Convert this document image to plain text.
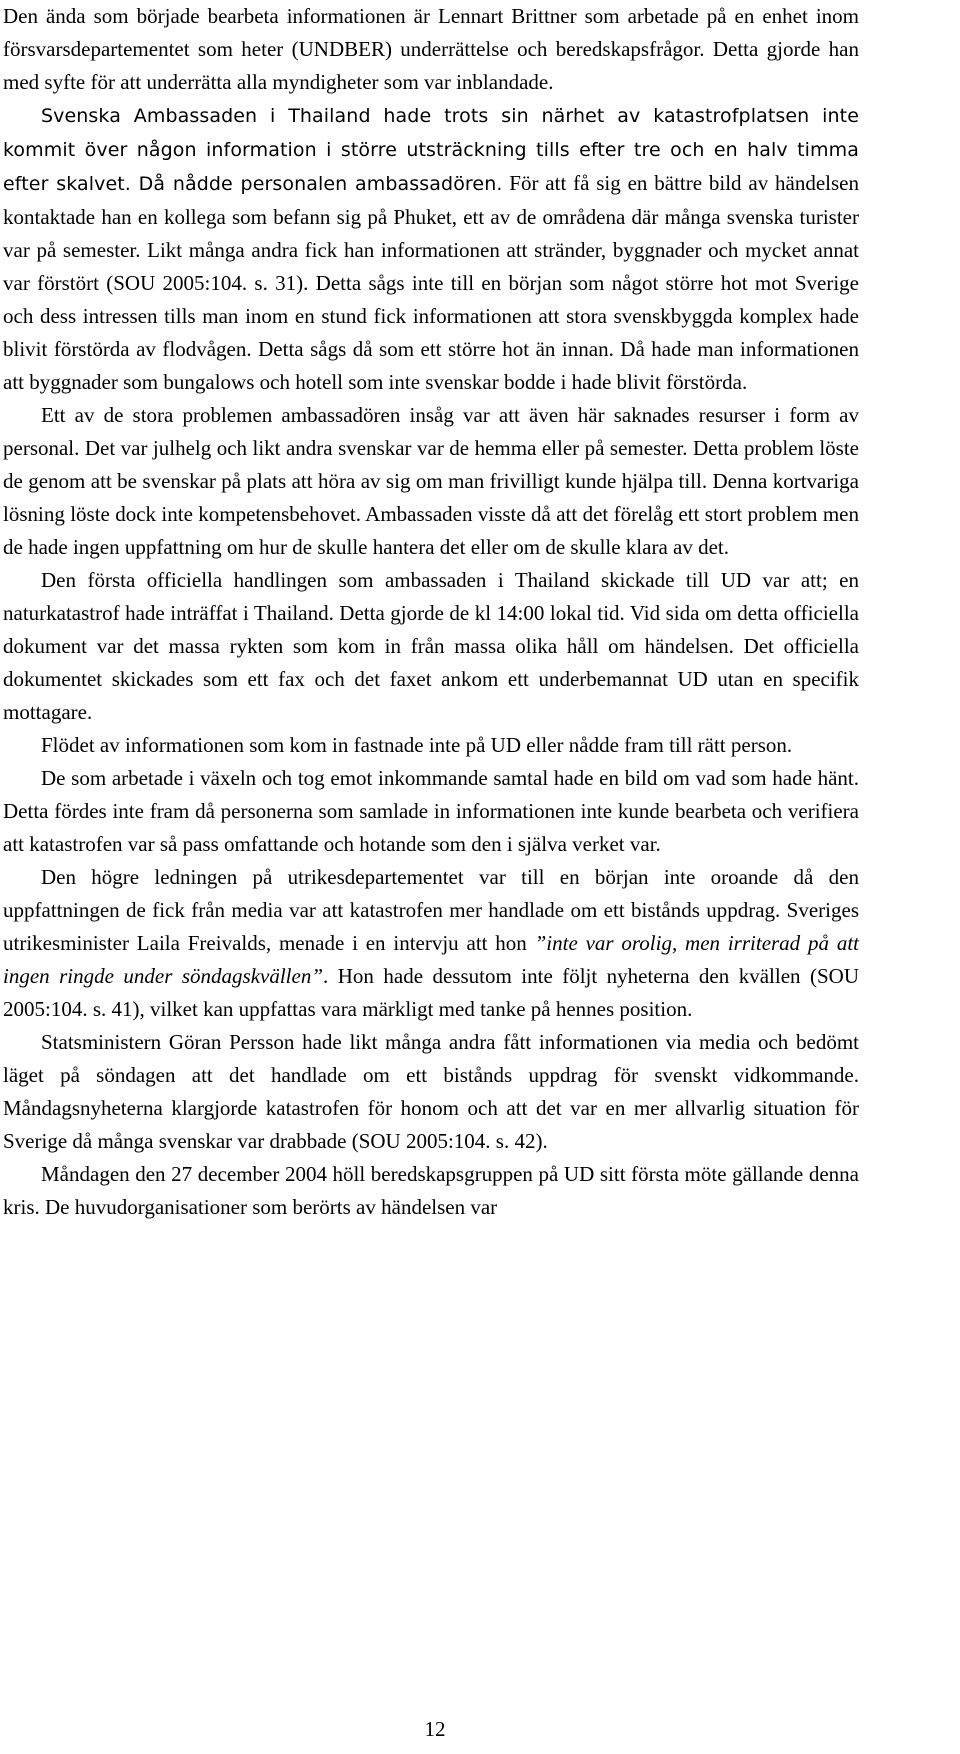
Den ända som började bearbeta informationen är Lennart Brittner som arbetade på en enhet inom försvarsdepartementet som heter (UNDBER) underrättelse och beredskapsfrågor. Detta gjorde han med syfte för att underrätta alla myndigheter som var inblandade.

Svenska Ambassaden i Thailand hade trots sin närhet av katastrofplatsen inte kommit över någon information i större utsträckning tills efter tre och en halv timma efter skalvet. Då nådde personalen ambassadören. För att få sig en bättre bild av händelsen kontaktade han en kollega som befann sig på Phuket, ett av de områdena där många svenska turister var på semester. Likt många andra fick han informationen att stränder, byggnader och mycket annat var förstört (SOU 2005:104. s. 31). Detta sågs inte till en början som något större hot mot Sverige och dess intressen tills man inom en stund fick informationen att stora svenskbyggda komplex hade blivit förstörda av flodvågen. Detta sågs då som ett större hot än innan. Då hade man informationen att byggnader som bungalows och hotell som inte svenskar bodde i hade blivit förstörda.

Ett av de stora problemen ambassadören insåg var att även här saknades resurser i form av personal. Det var julhelg och likt andra svenskar var de hemma eller på semester. Detta problem löste de genom att be svenskar på plats att höra av sig om man frivilligt kunde hjälpa till. Denna kortvariga lösning löste dock inte kompetensbehovet. Ambassaden visste då att det förelåg ett stort problem men de hade ingen uppfattning om hur de skulle hantera det eller om de skulle klara av det.

Den första officiella handlingen som ambassaden i Thailand skickade till UD var att; en naturkatastrof hade inträffat i Thailand. Detta gjorde de kl 14:00 lokal tid. Vid sida om detta officiella dokument var det massa rykten som kom in från massa olika håll om händelsen. Det officiella dokumentet skickades som ett fax och det faxet ankom ett underbemannat UD utan en specifik mottagare.

Flödet av informationen som kom in fastnade inte på UD eller nådde fram till rätt person.

De som arbetade i växeln och tog emot inkommande samtal hade en bild om vad som hade hänt. Detta fördes inte fram då personerna som samlade in informationen inte kunde bearbeta och verifiera att katastrofen var så pass omfattande och hotande som den i själva verket var.

Den högre ledningen på utrikesdepartementet var till en början inte oroande då den uppfattningen de fick från media var att katastrofen mer handlade om ett bistånds uppdrag. Sveriges utrikesminister Laila Freivalds, menade i en intervju att hon ”inte var orolig, men irriterad på att ingen ringde under söndagskvällen”. Hon hade dessutom inte följt nyheterna den kvällen (SOU 2005:104. s. 41), vilket kan uppfattas vara märkligt med tanke på hennes position.

Statsministern Göran Persson hade likt många andra fått informationen via media och bedömt läget på söndagen att det handlade om ett bistånds uppdrag för svenskt vidkommande. Måndagsnyheterna klargjorde katastrofen för honom och att det var en mer allvarlig situation för Sverige då många svenskar var drabbade (SOU 2005:104. s. 42).

Måndagen den 27 december 2004 höll beredskapsgruppen på UD sitt första möte gällande denna kris. De huvudorganisationer som berörts av händelsen var

12
